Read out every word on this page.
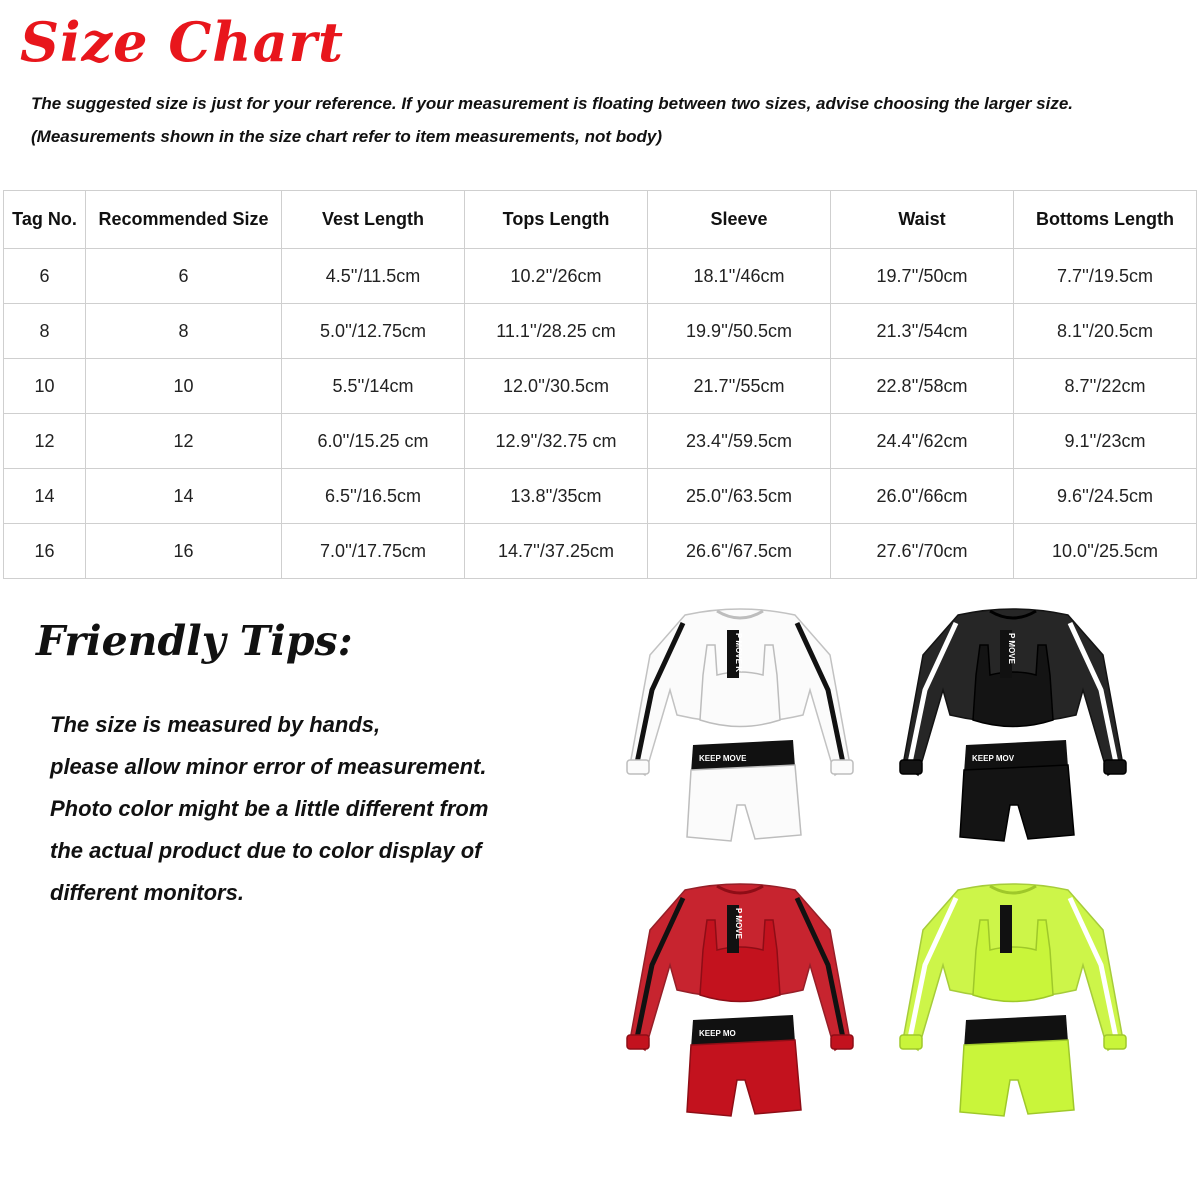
Size Chart
The suggested size is just for your reference. If your measurement is floating between two sizes, advise choosing the larger size.
(Measurements shown in the size chart refer to item measurements, not body)
Tag No.	Recommended Size	Vest Length	Tops Length	Sleeve	Waist	Bottoms Length
6	6	4.5''/11.5cm	10.2''/26cm	18.1''/46cm	19.7''/50cm	7.7''/19.5cm
8	8	5.0''/12.75cm	11.1''/28.25 cm	19.9''/50.5cm	21.3''/54cm	8.1''/20.5cm
10	10	5.5''/14cm	12.0''/30.5cm	21.7''/55cm	22.8''/58cm	8.7''/22cm
12	12	6.0''/15.25 cm	12.9''/32.75 cm	23.4''/59.5cm	24.4''/62cm	9.1''/23cm
14	14	6.5''/16.5cm	13.8''/35cm	25.0''/63.5cm	26.0''/66cm	9.6''/24.5cm
16	16	7.0''/17.75cm	14.7''/37.25cm	26.6''/67.5cm	27.6''/70cm	10.0''/25.5cm
Friendly Tips:
The size is measured by hands,
please allow minor error of measurement.
Photo color might be a little different from
the actual product due to color display of
different monitors.
P MOVE K
KEEP MOVE
P MOVE
KEEP MOV
P MOVE
KEEP MO
